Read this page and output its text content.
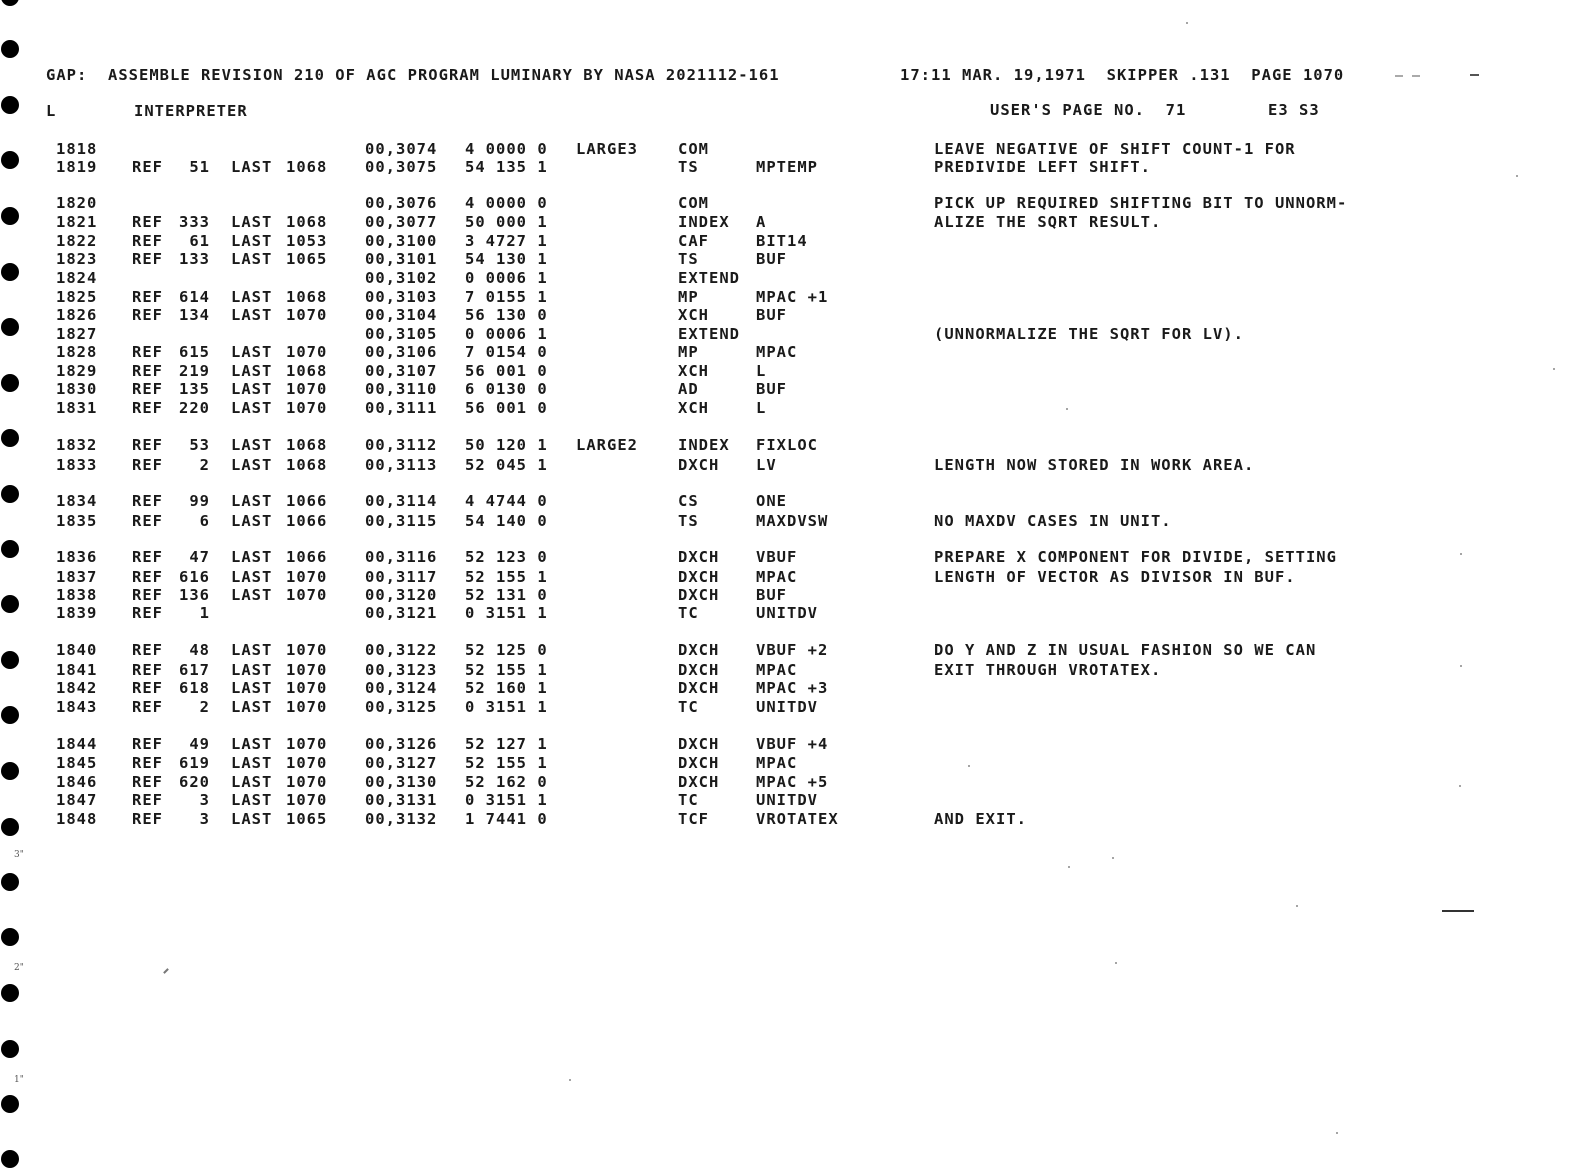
3"
2"
1"
GAP:  ASSEMBLE REVISION 210 OF AGC PROGRAM LUMINARY BY NASA 2021112-161	17:11 MAR. 19,1971  SKIPPER .131  PAGE 1070
L	INTERPRETER	USER'S PAGE NO.  71	E3 S3
1818	00,3074 4 0000 0 LARGE3	COM	LEAVE NEGATIVE OF SHIFT COUNT-1 FOR
1819 REF	51 LAST 1068 00,3075 54 135 1	TS	MPTEMP	PREDIVIDE LEFT SHIFT.
1820	00,3076 4 0000 0	COM	PICK UP REQUIRED SHIFTING BIT TO UNNORM-
1821 REF	333 LAST 1068 00,3077 50 000 1	INDEX A	ALIZE THE SQRT RESULT.
1822 REF	61 LAST 1053 00,3100 3 4727 1	CAF	BIT14
1823 REF	133 LAST 1065 00,3101 54 130 1	TS	BUF
1824	00,3102 0 0006 1	EXTEND
1825 REF	614 LAST 1068 00,3103 7 0155 1	MP	MPAC +1
1826 REF	134 LAST 1070 00,3104 56 130 0	XCH	BUF
1827	00,3105 0 0006 1	EXTEND	(UNNORMALIZE THE SQRT FOR LV).
1828 REF	615 LAST 1070 00,3106 7 0154 0	MP	MPAC
1829 REF	219 LAST 1068 00,3107 56 001 0	XCH	L
1830 REF	135 LAST 1070 00,3110 6 0130 0	AD	BUF
1831 REF	220 LAST 1070 00,3111 56 001 0	XCH	L
1832 REF	53 LAST 1068 00,3112 50 120 1 LARGE2	INDEX FIXLOC
1833 REF	2 LAST 1068 00,3113 52 045 1	DXCH LV	LENGTH NOW STORED IN WORK AREA.
1834 REF	99 LAST 1066 00,3114 4 4744 0	CS	ONE
1835 REF	6 LAST 1066 00,3115 54 140 0	TS	MAXDVSW	NO MAXDV CASES IN UNIT.
1836 REF	47 LAST 1066 00,3116 52 123 0	DXCH VBUF	PREPARE X COMPONENT FOR DIVIDE, SETTING
1837 REF	616 LAST 1070 00,3117 52 155 1	DXCH MPAC	LENGTH OF VECTOR AS DIVISOR IN BUF.
1838 REF	136 LAST 1070 00,3120 52 131 0	DXCH BUF
1839 REF	1	00,3121 0 3151 1	TC	UNITDV
1840 REF	48 LAST 1070 00,3122 52 125 0	DXCH VBUF +2	DO Y AND Z IN USUAL FASHION SO WE CAN
1841 REF	617 LAST 1070 00,3123 52 155 1	DXCH MPAC	EXIT THROUGH VROTATEX.
1842 REF	618 LAST 1070 00,3124 52 160 1	DXCH MPAC +3
1843 REF	2 LAST 1070 00,3125 0 3151 1	TC	UNITDV
1844 REF	49 LAST 1070 00,3126 52 127 1	DXCH VBUF +4
1845 REF	619 LAST 1070 00,3127 52 155 1	DXCH MPAC
1846 REF	620 LAST 1070 00,3130 52 162 0	DXCH MPAC +5
1847 REF	3 LAST 1070 00,3131 0 3151 1	TC	UNITDV
1848 REF	3 LAST 1065 00,3132 1 7441 0	TCF	VROTATEX	AND EXIT.
